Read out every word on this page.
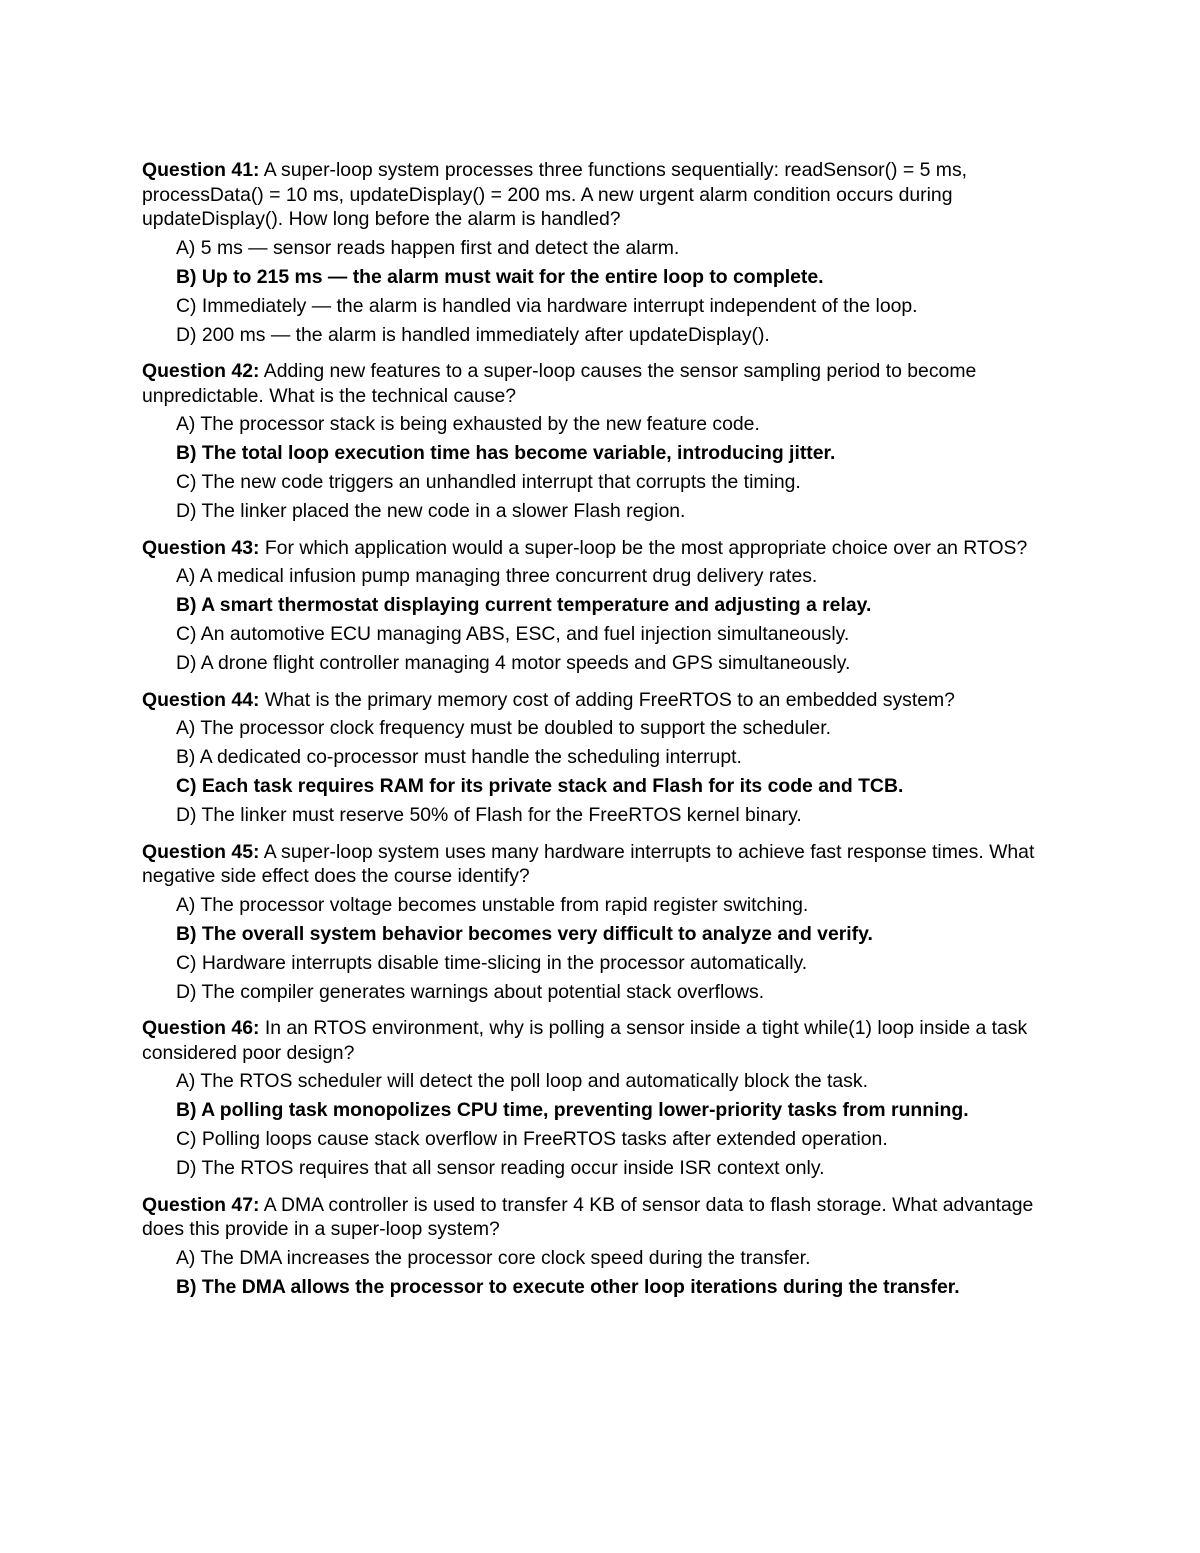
Question 41: A super-loop system processes three functions sequentially: readSensor() = 5 ms, processData() = 10 ms, updateDisplay() = 200 ms. A new urgent alarm condition occurs during updateDisplay(). How long before the alarm is handled?
A) 5 ms — sensor reads happen first and detect the alarm.
B) Up to 215 ms — the alarm must wait for the entire loop to complete.
C) Immediately — the alarm is handled via hardware interrupt independent of the loop.
D) 200 ms — the alarm is handled immediately after updateDisplay().
Question 42: Adding new features to a super-loop causes the sensor sampling period to become unpredictable. What is the technical cause?
A) The processor stack is being exhausted by the new feature code.
B) The total loop execution time has become variable, introducing jitter.
C) The new code triggers an unhandled interrupt that corrupts the timing.
D) The linker placed the new code in a slower Flash region.
Question 43: For which application would a super-loop be the most appropriate choice over an RTOS?
A) A medical infusion pump managing three concurrent drug delivery rates.
B) A smart thermostat displaying current temperature and adjusting a relay.
C) An automotive ECU managing ABS, ESC, and fuel injection simultaneously.
D) A drone flight controller managing 4 motor speeds and GPS simultaneously.
Question 44: What is the primary memory cost of adding FreeRTOS to an embedded system?
A) The processor clock frequency must be doubled to support the scheduler.
B) A dedicated co-processor must handle the scheduling interrupt.
C) Each task requires RAM for its private stack and Flash for its code and TCB.
D) The linker must reserve 50% of Flash for the FreeRTOS kernel binary.
Question 45: A super-loop system uses many hardware interrupts to achieve fast response times. What negative side effect does the course identify?
A) The processor voltage becomes unstable from rapid register switching.
B) The overall system behavior becomes very difficult to analyze and verify.
C) Hardware interrupts disable time-slicing in the processor automatically.
D) The compiler generates warnings about potential stack overflows.
Question 46: In an RTOS environment, why is polling a sensor inside a tight while(1) loop inside a task considered poor design?
A) The RTOS scheduler will detect the poll loop and automatically block the task.
B) A polling task monopolizes CPU time, preventing lower-priority tasks from running.
C) Polling loops cause stack overflow in FreeRTOS tasks after extended operation.
D) The RTOS requires that all sensor reading occur inside ISR context only.
Question 47: A DMA controller is used to transfer 4 KB of sensor data to flash storage. What advantage does this provide in a super-loop system?
A) The DMA increases the processor core clock speed during the transfer.
B) The DMA allows the processor to execute other loop iterations during the transfer.
